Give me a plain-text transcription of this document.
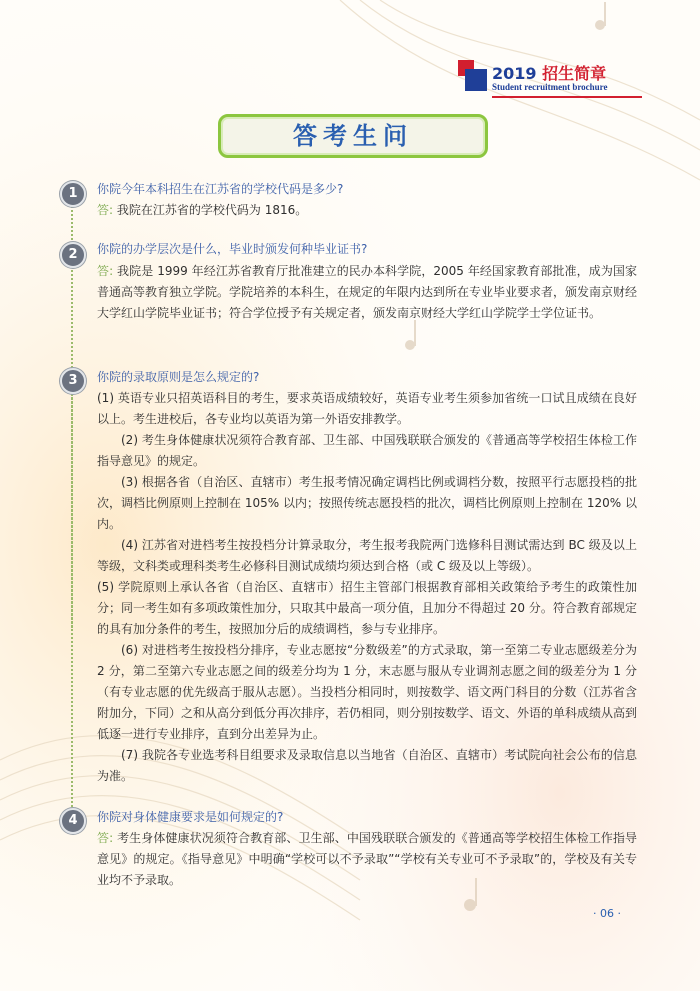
2019 招生简章
Student recruitment brochure
答考生问
1	你院今年本科招生在江苏省的学校代码是多少?
答: 我院在江苏省的学校代码为 1816。
2	你院的办学层次是什么，毕业时颁发何种毕业证书?
答: 我院是 1999 年经江苏省教育厅批准建立的民办本科学院，2005 年经国家教育部批准，成为国家普通高等教育独立学院。学院培养的本科生，在规定的年限内达到所在专业毕业要求者，颁发南京财经大学红山学院毕业证书；符合学位授予有关规定者，颁发南京财经大学红山学院学士学位证书。
3	你院的录取原则是怎么规定的?
(1) 英语专业只招英语科目的考生，要求英语成绩较好，英语专业考生须参加省统一口试且成绩在良好以上。考生进校后，各专业均以英语为第一外语安排教学。
(2) 考生身体健康状况须符合教育部、卫生部、中国残联联合颁发的《普通高等学校招生体检工作指导意见》的规定。
(3) 根据各省（自治区、直辖市）考生报考情况确定调档比例或调档分数，按照平行志愿投档的批次，调档比例原则上控制在 105% 以内；按照传统志愿投档的批次，调档比例原则上控制在 120% 以内。
(4) 江苏省对进档考生按投档分计算录取分，考生报考我院两门选修科目测试需达到 BC 级及以上等级，文科类或理科类考生必修科目测试成绩均须达到合格（或 C 级及以上等级）。
(5) 学院原则上承认各省（自治区、直辖市）招生主管部门根据教育部相关政策给予考生的政策性加分；同一考生如有多项政策性加分，只取其中最高一项分值，且加分不得超过 20 分。符合教育部规定的具有加分条件的考生，按照加分后的成绩调档，参与专业排序。
(6) 对进档考生按投档分排序，专业志愿按“分数级差”的方式录取，第一至第二专业志愿级差分为 2 分，第二至第六专业志愿之间的级差分均为 1 分，末志愿与服从专业调剂志愿之间的级差分为 1 分（有专业志愿的优先级高于服从志愿）。当投档分相同时，则按数学、语文两门科目的分数（江苏省含附加分，下同）之和从高分到低分再次排序，若仍相同，则分别按数学、语文、外语的单科成绩从高到低逐一进行专业排序，直到分出差异为止。
(7) 我院各专业选考科目组要求及录取信息以当地省（自治区、直辖市）考试院向社会公布的信息为准。
4	你院对身体健康要求是如何规定的?
答: 考生身体健康状况须符合教育部、卫生部、中国残联联合颁发的《普通高等学校招生体检工作指导意见》的规定。《指导意见》中明确“学校可以不予录取”“学校有关专业可不予录取”的，学校及有关专业均不予录取。
· 06 ·
